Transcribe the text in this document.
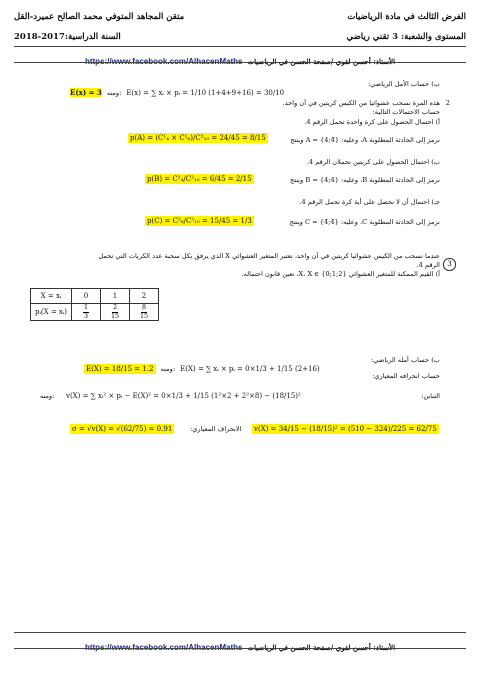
الفرض الثالث في مادة الرياضيات
متقن المجاهد المتوفي محمد الصالح عميرد-القل
المستوى والشعبة: 3 تقني رياضي
السنة الدراسية:2017-2018
https://www.facebook.com/AlhacenMaths الأستاذ: أحسن لقوي /صفحة الحسن في الرياضيات
E(x) = 3 ومنه: E(x) = ∑ xᵢ × pᵢ = 1/10 (1+4+9+16) = 30/10
ب) حساب الأمل الرياضي:
2
هذه المرة نسحب عشوائيا من الكيس كريتين في آن واحد.
حساب الاحتمالات التالية:
أ) احتمال الحصول على كرة واحدة تحمل الرقم 4.
نرمز إلى الحادثة المطلوبة A، وعليه: A = {4;4̄} وينتج
p(A) = (C¹₄ × C¹₆)/C²₁₀ = 24/45 = 8/15
ب) احتمال الحصول على كريتين تحملان الرقم 4.
نرمز إلى الحادثة المطلوبة B، وعليه: B = {4;4} وينتج
p(B) = C²₄/C²₁₀ = 6/45 = 2/15
جـ) احتمال أن لا نحصل على أية كرة تحمل الرقم 4.
نرمز إلى الحادثة المطلوبة C، وعليه: C = {4̄;4̄} وينتج
p(C) = C²₆/C²₁₀ = 15/45 = 1/3
3
عندما نسحب من الكيس عشوائيا كريتين في آن واحد، نعتبر المتغير العشوائي X الذي يرفق بكل سحبة عدد الكريات التي تحمل
الرقم 4.
أ) القيم الممكنة للمتغير العشوائي X، X ∈ {0;1;2}، تعين قانون احتماله.
X = xᵢ	0	1	2
pᵢ(X = xᵢ)	$\frac{1}{3}$	$\frac{2}{15}$	$\frac{8}{15}$
E(X) = 18/15 = 1.2 ومنه: E(X) = ∑ xᵢ × pᵢ = 0×1/3 + 1/15 (2+16)
ب) حساب أمله الرياضي:
حساب انحرافه المعياري:
التباين:
v(X) = ∑ xᵢ² × pᵢ − E(X)² = 0×1/3 + 1/15 (1²×2 + 2²×8) − (18/15)²
ومنه:
v(X) = 34/15 − (18/15)² = (510 − 324)/225 = 62/75
الانحراف المعياري:
σ = √v(X) = √(62/75) = 0.91
https://www.facebook.com/AlhacenMaths الأستاذ: أحسن لقوي /صفحة الحسن في الرياضيات
